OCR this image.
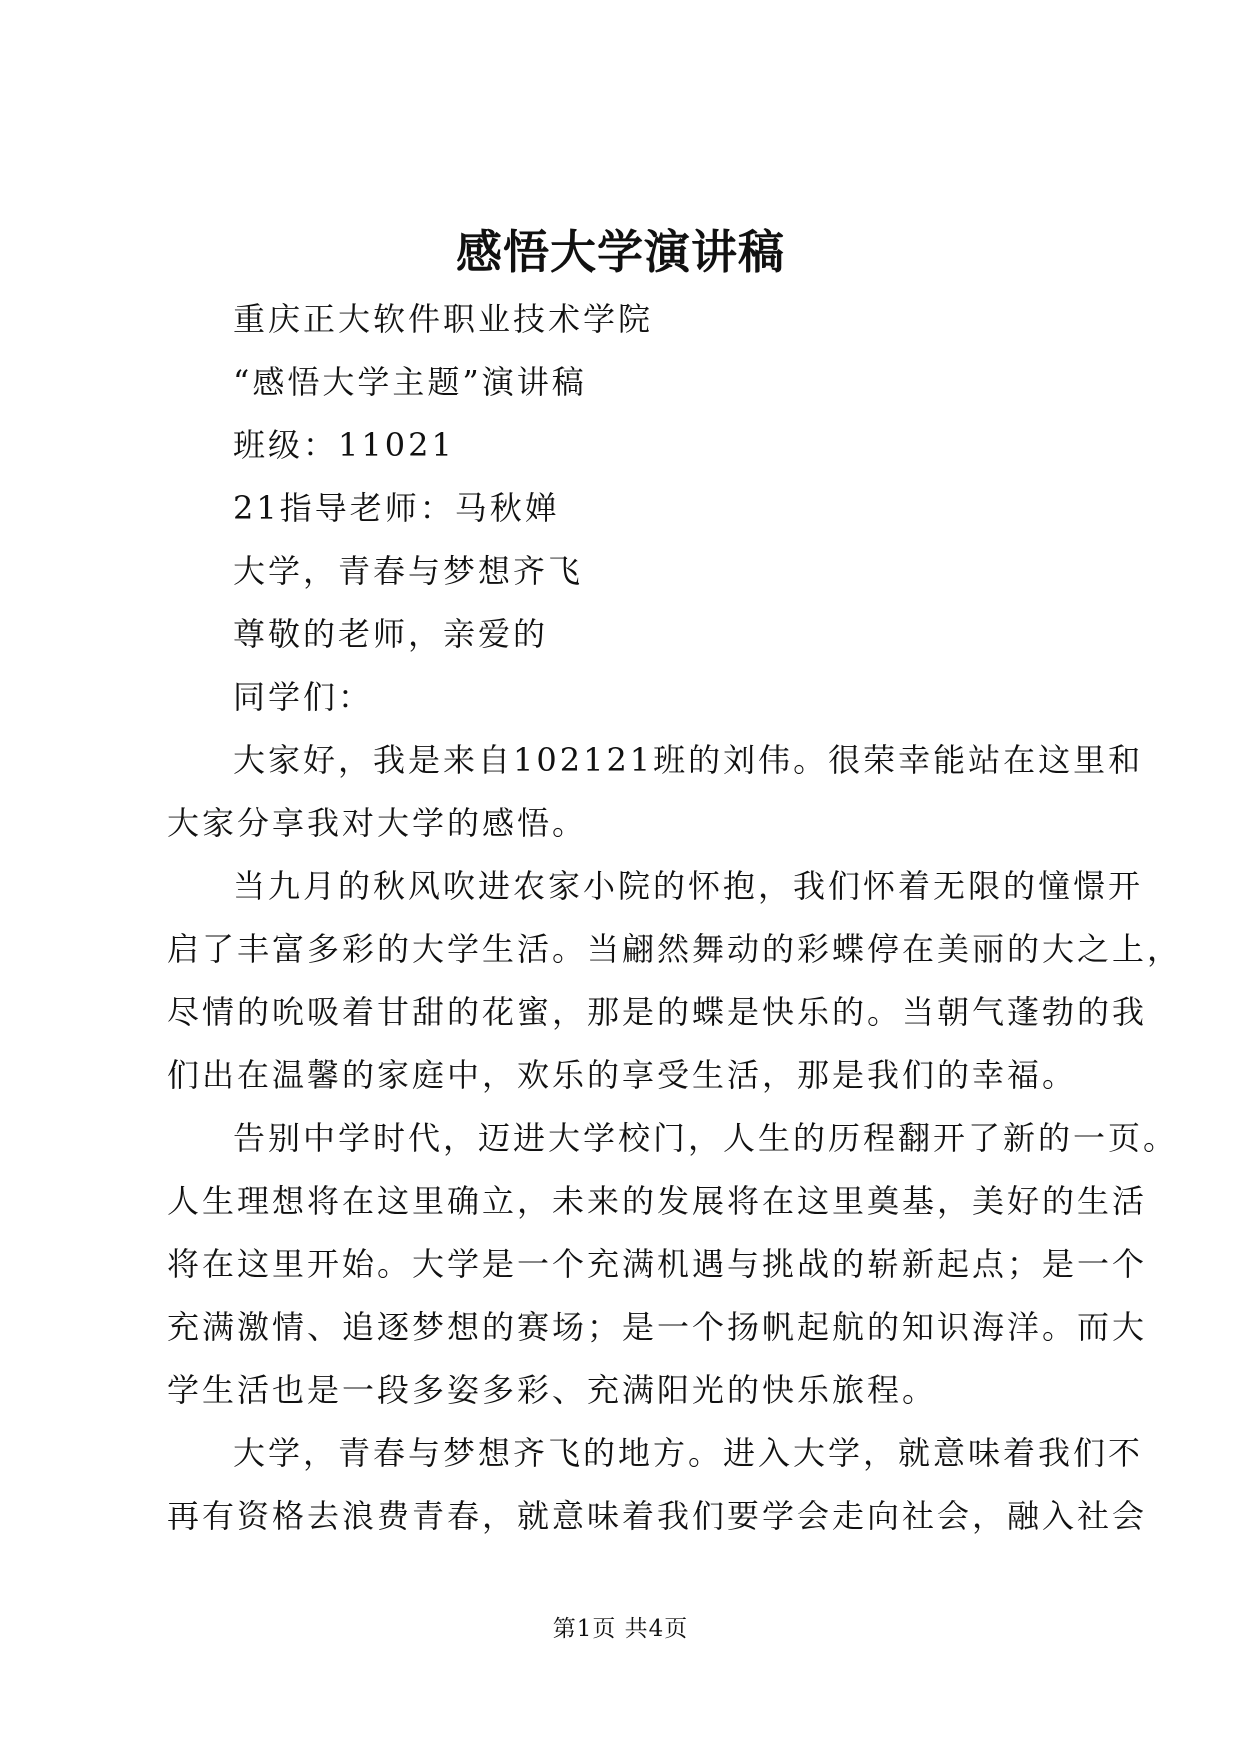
感悟大学演讲稿

重庆正大软件职业技术学院

“感悟大学主题”演讲稿

班级：11021

21指导老师：马秋婵

大学，青春与梦想齐飞

尊敬的老师，亲爱的

同学们：

大家好，我是来自102121班的刘伟。很荣幸能站在这里和

大家分享我对大学的感悟。

当九月的秋风吹进农家小院的怀抱，我们怀着无限的憧憬开

启了丰富多彩的大学生活。当翩然舞动的彩蝶停在美丽的大之上，

尽情的吮吸着甘甜的花蜜，那是的蝶是快乐的。当朝气蓬勃的我

们出在温馨的家庭中，欢乐的享受生活，那是我们的幸福。

告别中学时代，迈进大学校门，人生的历程翻开了新的一页。

人生理想将在这里确立，未来的发展将在这里奠基，美好的生活

将在这里开始。大学是一个充满机遇与挑战的崭新起点；是一个

充满激情、追逐梦想的赛场；是一个扬帆起航的知识海洋。而大

学生活也是一段多姿多彩、充满阳光的快乐旅程。

大学，青春与梦想齐飞的地方。进入大学，就意味着我们不

再有资格去浪费青春，就意味着我们要学会走向社会，融入社会

第1页 共4页
